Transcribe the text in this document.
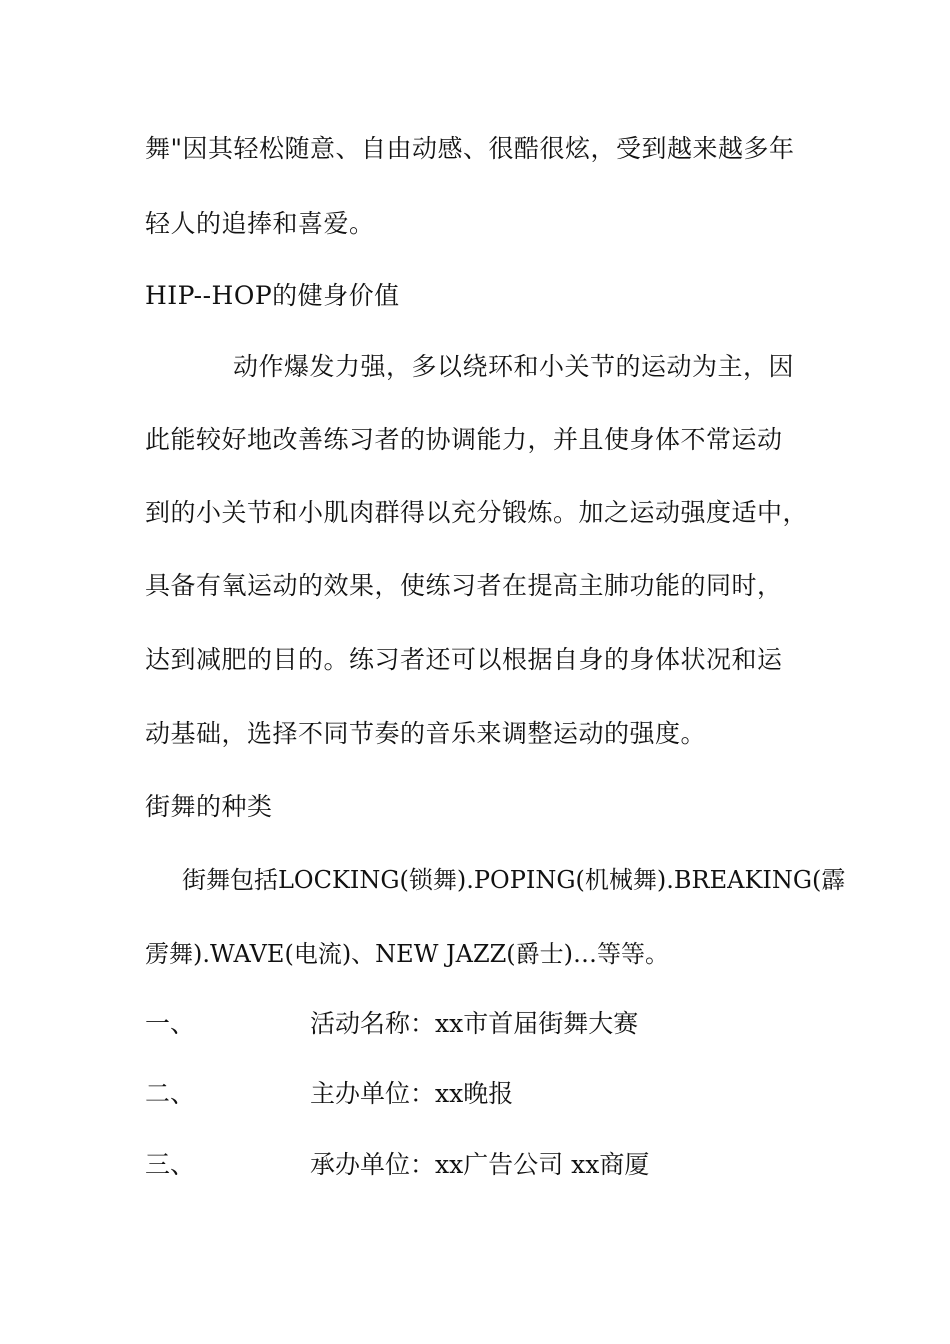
舞"因其轻松随意、自由动感、很酷很炫，受到越来越多年
轻人的追捧和喜爱。
HIP--HOP的健身价值
动作爆发力强，多以绕环和小关节的运动为主，因
此能较好地改善练习者的协调能力，并且使身体不常运动
到的小关节和小肌肉群得以充分锻炼。加之运动强度适中，
具备有氧运动的效果，使练习者在提高主肺功能的同时，
达到减肥的目的。练习者还可以根据自身的身体状况和运
动基础，选择不同节奏的音乐来调整运动的强度。
街舞的种类
街舞包括LOCKING(锁舞).POPING(机械舞).BREAKING(霹
雳舞).WAVE(电流)、NEW JAZZ(爵士)…等等。
一、	活动名称：xx市首届街舞大赛
二、	主办单位：xx晚报
三、	承办单位：xx广告公司 xx商厦
